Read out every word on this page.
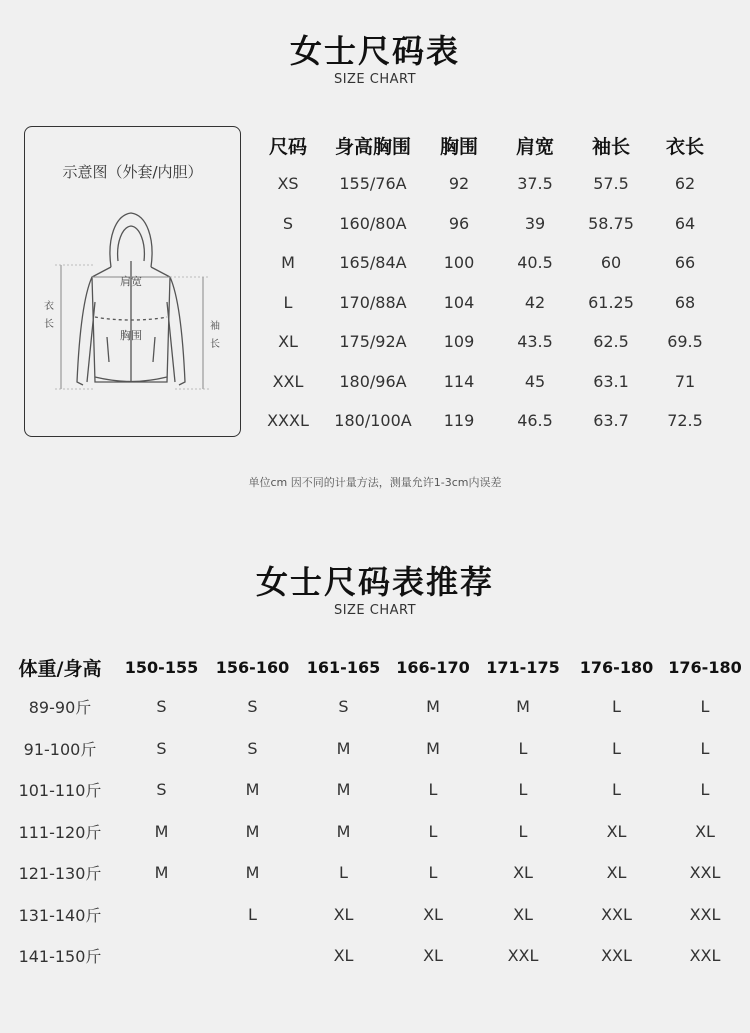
女士尺码表
SIZE CHART
示意图（外套/内胆）
肩宽
胸围
衣
长	袖
长
尺码	身高胸围	胸围	肩宽	袖长	衣长
XS	155/76A	92	37.5	57.5	62
S	160/80A	96	39	58.75	64
M	165/84A	100	40.5	60	66
L	170/88A	104	42	61.25	68
XL	175/92A	109	43.5	62.5	69.5
XXL	180/96A	114	45	63.1	71
XXXL	180/100A	119	46.5	63.7	72.5
单位cm 因不同的计量方法，测量允许1-3cm内误差
女士尺码表推荐
SIZE CHART
体重/身高	150-155	156-160	161-165	166-170	171-175	176-180	176-180
89-90斤	S	S	S	M	M	L	L
91-100斤	S	S	M	M	L	L	L
101-110斤	S	M	M	L	L	L	L
111-120斤	M	M	M	L	L	XL	XL
121-130斤	M	M	L	L	XL	XL	XXL
131-140斤		L	XL	XL	XL	XXL	XXL
141-150斤			XL	XL	XXL	XXL	XXL
